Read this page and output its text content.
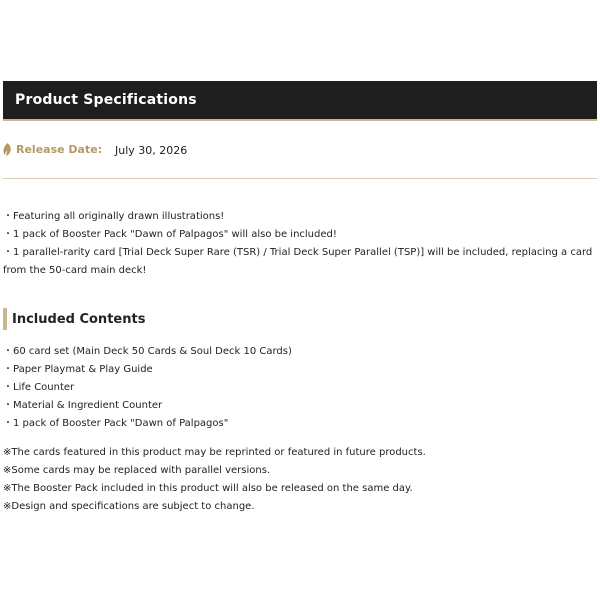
Product Specifications
Release Date: July 30, 2026

・Featuring all originally drawn illustrations!

・1 pack of Booster Pack "Dawn of Palpagos" will also be included!

・1 parallel-rarity card [Trial Deck Super Rare (TSR) / Trial Deck Super Parallel (TSP)] will be included, replacing a card from the 50-card main deck!

Included Contents

・60 card set (Main Deck 50 Cards & Soul Deck 10 Cards)

・Paper Playmat & Play Guide

・Life Counter

・Material & Ingredient Counter

・1 pack of Booster Pack "Dawn of Palpagos"

※The cards featured in this product may be reprinted or featured in future products.

※Some cards may be replaced with parallel versions.

※The Booster Pack included in this product will also be released on the same day.

※Design and specifications are subject to change.
